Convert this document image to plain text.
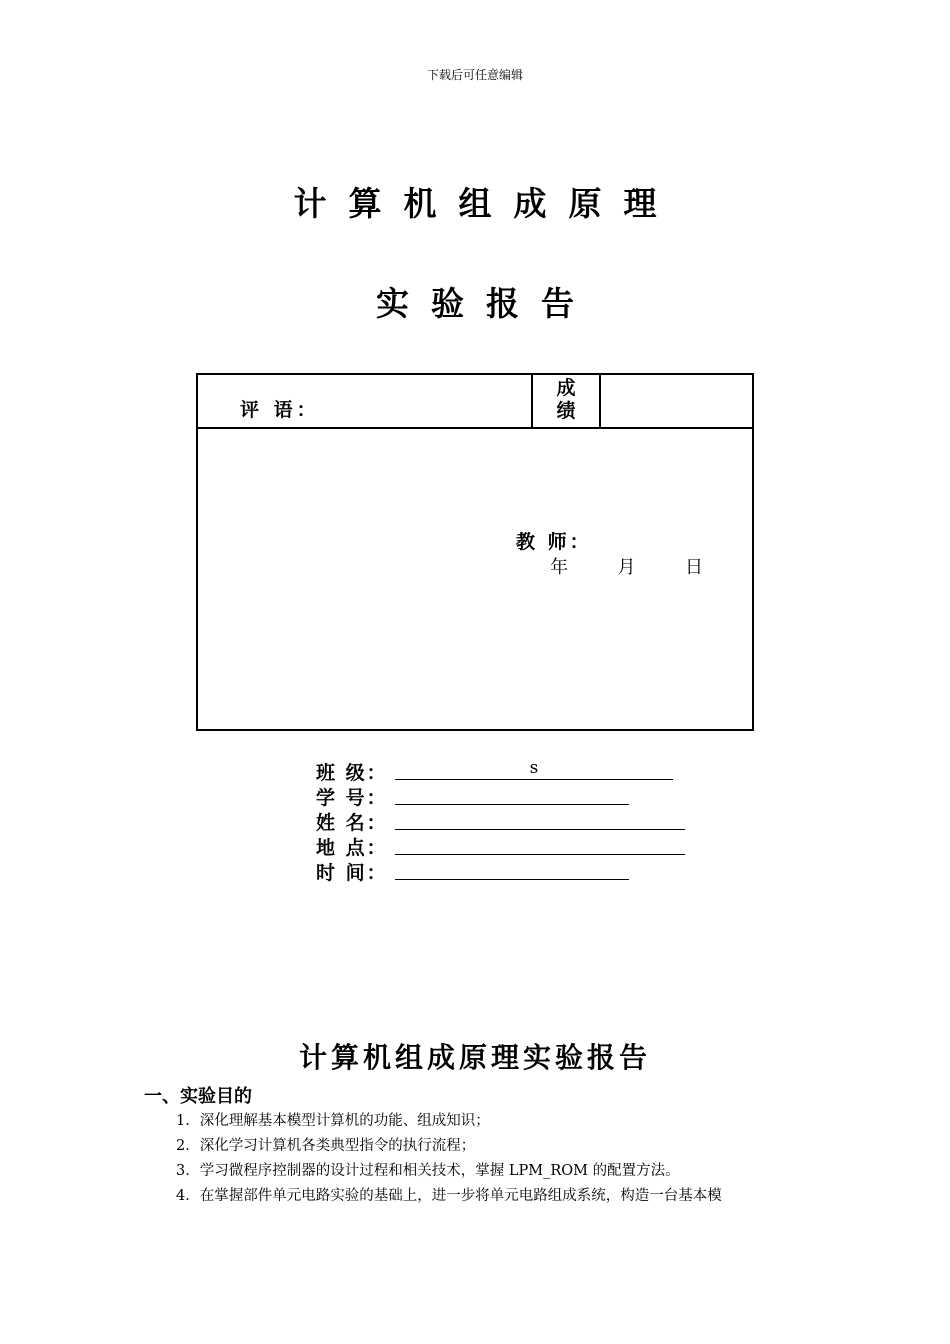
下载后可任意编辑
计算机组成原理
实验报告
评 语：
成绩
教 师：
年	月	日
班 级：	s
学 号：
姓 名：
地 点：
时 间：
计算机组成原理实验报告
一、实验目的
1．深化理解基本模型计算机的功能、组成知识；
2．深化学习计算机各类典型指令的执行流程；
3．学习微程序控制器的设计过程和相关技术，掌握 LPM_ROM 的配置方法。
4．在掌握部件单元电路实验的基础上，进一步将单元电路组成系统，构造一台基本模
